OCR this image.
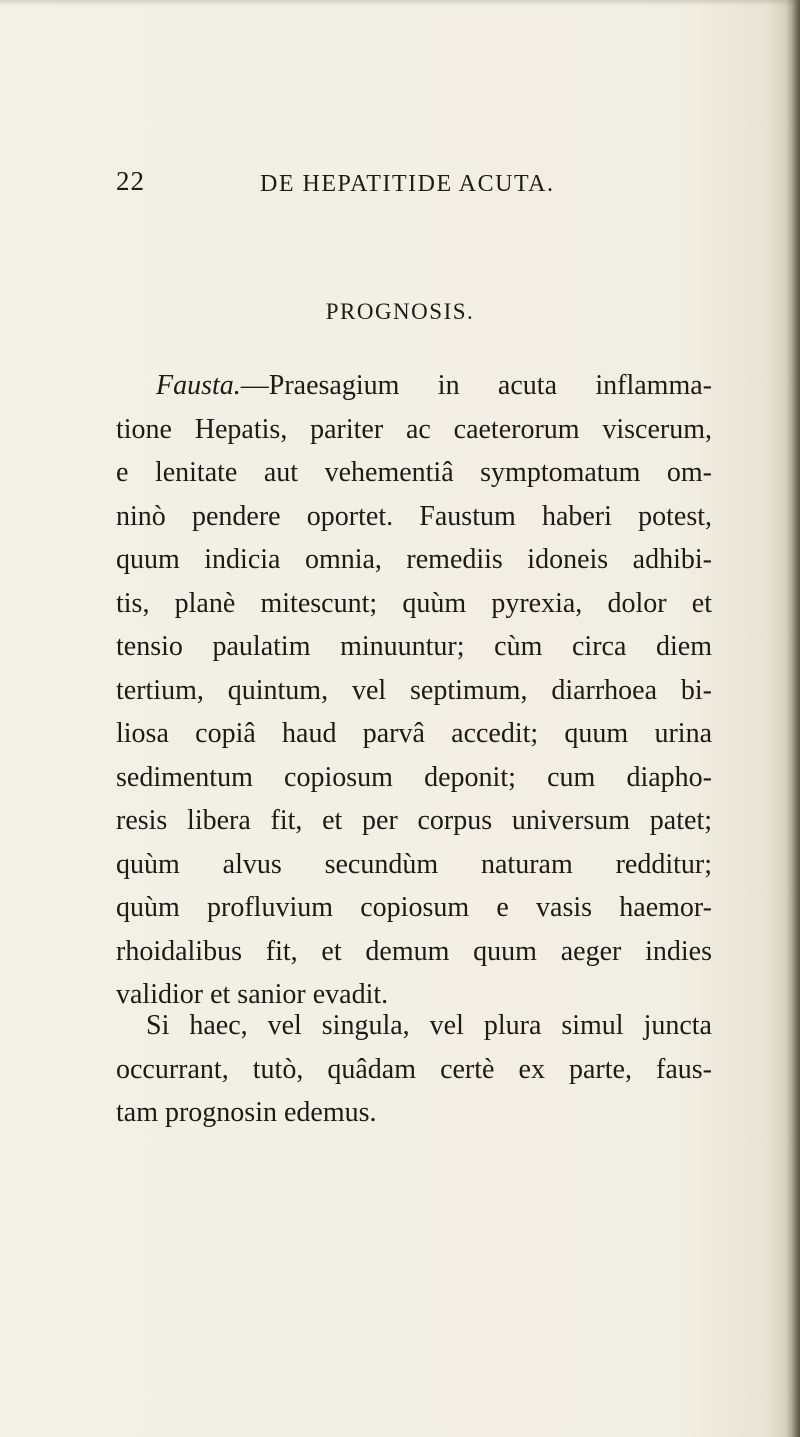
22	DE HEPATITIDE ACUTA.
PROGNOSIS.
Fausta.—Praesagium in acuta inflamma-
tione Hepatis, pariter ac caeterorum viscerum,
e lenitate aut vehementiâ symptomatum om-
ninò pendere oportet. Faustum haberi potest,
quum indicia omnia, remediis idoneis adhibi-
tis, planè mitescunt; quùm pyrexia, dolor et
tensio paulatim minuuntur; cùm circa diem
tertium, quintum, vel septimum, diarrhoea bi-
liosa copiâ haud parvâ accedit; quum urina
sedimentum copiosum deponit; cum diapho-
resis libera fit, et per corpus universum patet;
quùm alvus secundùm naturam redditur;
quùm profluvium copiosum e vasis haemor-
rhoidalibus fit, et demum quum aeger indies
validior et sanior evadit.
Si haec, vel singula, vel plura simul juncta
occurrant, tutò, quâdam certè ex parte, faus-
tam prognosin edemus.
